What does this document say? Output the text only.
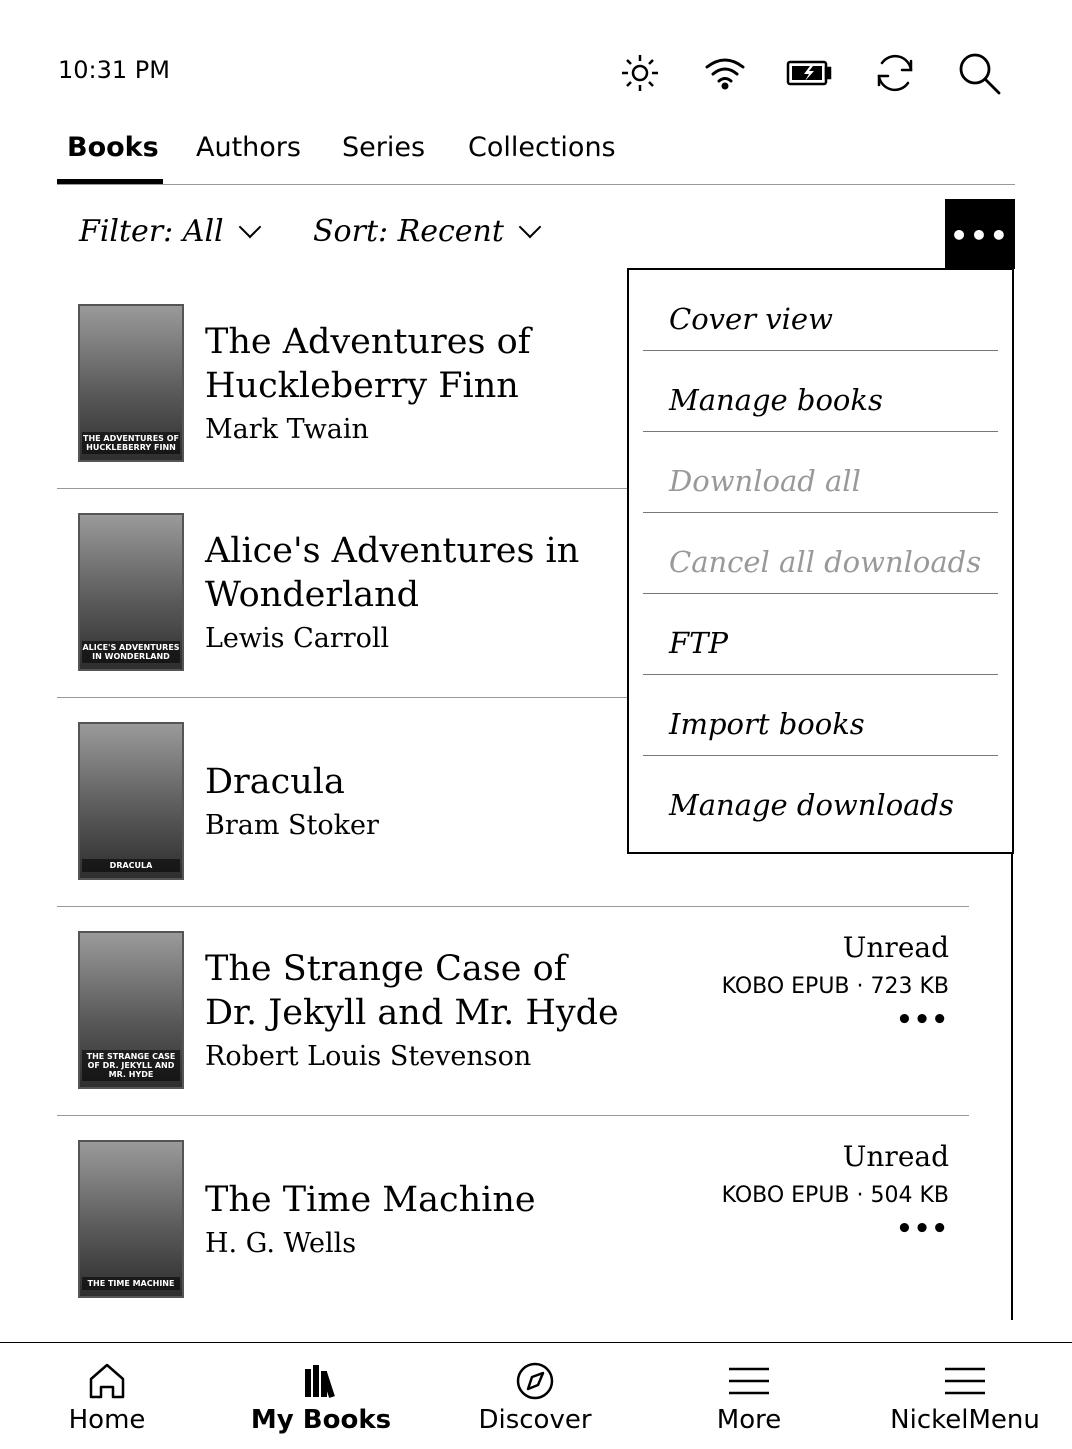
10:31 PM
Books Authors Series Collections
Filter: All	Sort: Recent	•••
THE ADVENTURES OF HUCKLEBERRY FINN
The Adventures of Huckleberry Finn
Mark Twain
ALICE'S ADVENTURES IN WONDERLAND
Alice's Adventures in Wonderland
Lewis Carroll
DRACULA
Dracula
Bram Stoker
THE STRANGE CASE OF DR. JEKYLL AND MR. HYDE
The Strange Case of Dr. Jekyll and Mr. Hyde
Robert Louis Stevenson
Unread
KOBO EPUB · 723 KB
•••
THE TIME MACHINE
The Time Machine
H. G. Wells
Unread
KOBO EPUB · 504 KB
•••
Cover view
Manage books
Download all
Cancel all downloads
FTP
Import books
Manage downloads
Home	My Books	Discover	More	NickelMenu
